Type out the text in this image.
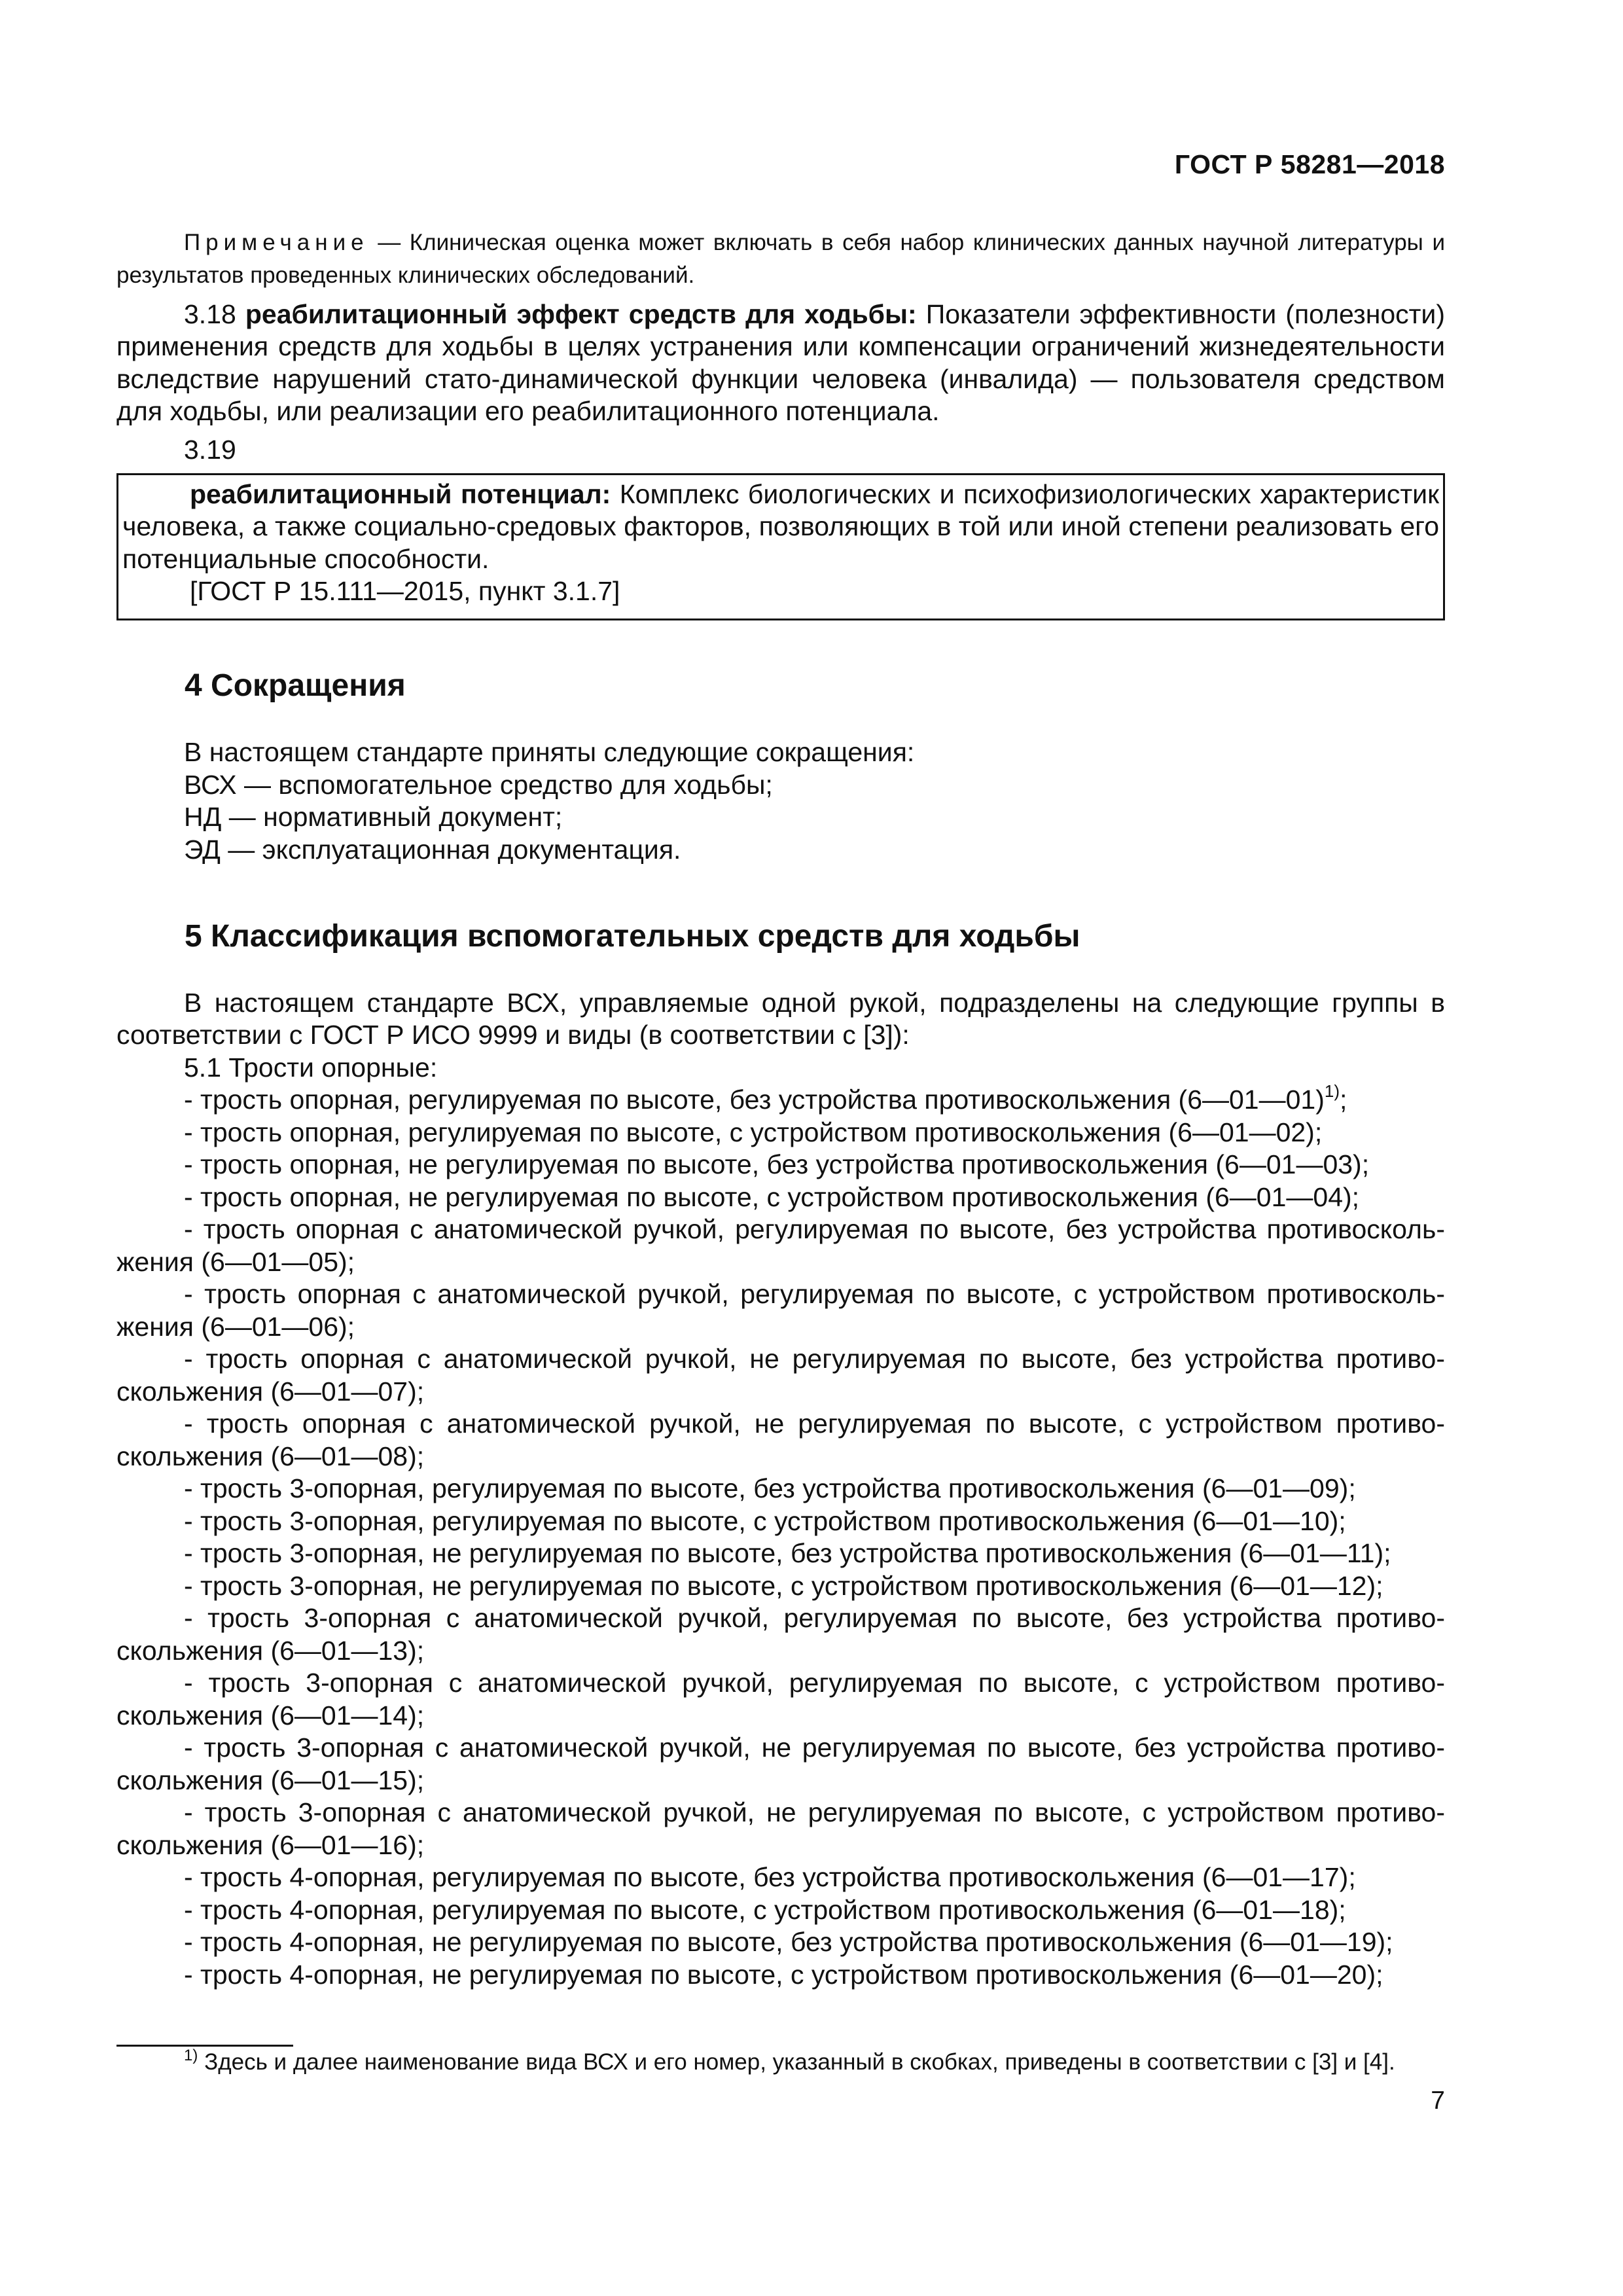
ГОСТ Р 58281—2018
Примечание — Клиническая оценка может включать в себя набор клинических данных научной литературы и результатов проведенных клинических обследований.

3.18 реабилитационный эффект средств для ходьбы: Показатели эффективности (полезности) применения средств для ходьбы в целях устранения или компенсации ограничений жизнедеятельности вследствие нарушений стато-динамической функции человека (инвалида) — пользователя средством для ходьбы, или реализации его реабилитационного потенциала.

3.19

реабилитационный потенциал: Комплекс биологических и психофизиологических характеристик человека, а также социально-средовых факторов, позволяющих в той или иной степени реализовать его потенциальные способности.

[ГОСТ Р 15.111—2015, пункт 3.1.7]
4 Сокращения
В настоящем стандарте приняты следующие сокращения:
ВСХ — вспомогательное средство для ходьбы;
НД — нормативный документ;
ЭД — эксплуатационная документация.
5 Классификация вспомогательных средств для ходьбы
В настоящем стандарте ВСХ, управляемые одной рукой, подразделены на следующие группы в
соответствии с ГОСТ Р ИСО 9999 и виды (в соответствии с [3]):
5.1 Трости опорные:
- трость опорная, регулируемая по высоте, без устройства противоскольжения (6—01—01)$^{1)}$;
- трость опорная, регулируемая по высоте, с устройством противоскольжения (6—01—02);
- трость опорная, не регулируемая по высоте, без устройства противоскольжения (6—01—03);
- трость опорная, не регулируемая по высоте, с устройством противоскольжения (6—01—04);
- трость опорная с анатомической ручкой, регулируемая по высоте, без устройства противосколь-
жения (6—01—05);
- трость опорная с анатомической ручкой, регулируемая по высоте, с устройством противосколь-
жения (6—01—06);
- трость опорная с анатомической ручкой, не регулируемая по высоте, без устройства противо-
скольжения (6—01—07);
- трость опорная с анатомической ручкой, не регулируемая по высоте, с устройством противо-
скольжения (6—01—08);
- трость 3-опорная, регулируемая по высоте, без устройства противоскольжения (6—01—09);
- трость 3-опорная, регулируемая по высоте, с устройством противоскольжения (6—01—10);
- трость 3-опорная, не регулируемая по высоте, без устройства противоскольжения (6—01—11);
- трость 3-опорная, не регулируемая по высоте, с устройством противоскольжения (6—01—12);
- трость 3-опорная с анатомической ручкой, регулируемая по высоте, без устройства противо-
скольжения (6—01—13);
- трость 3-опорная с анатомической ручкой, регулируемая по высоте, с устройством противо-
скольжения (6—01—14);
- трость 3-опорная с анатомической ручкой, не регулируемая по высоте, без устройства противо-
скольжения (6—01—15);
- трость 3-опорная с анатомической ручкой, не регулируемая по высоте, с устройством противо-
скольжения (6—01—16);
- трость 4-опорная, регулируемая по высоте, без устройства противоскольжения (6—01—17);
- трость 4-опорная, регулируемая по высоте, с устройством противоскольжения (6—01—18);
- трость 4-опорная, не регулируемая по высоте, без устройства противоскольжения (6—01—19);
- трость 4-опорная, не регулируемая по высоте, с устройством противоскольжения (6—01—20);
$^{1)}$ Здесь и далее наименование вида ВСХ и его номер, указанный в скобках, приведены в соответствии с [3] и [4].
7
